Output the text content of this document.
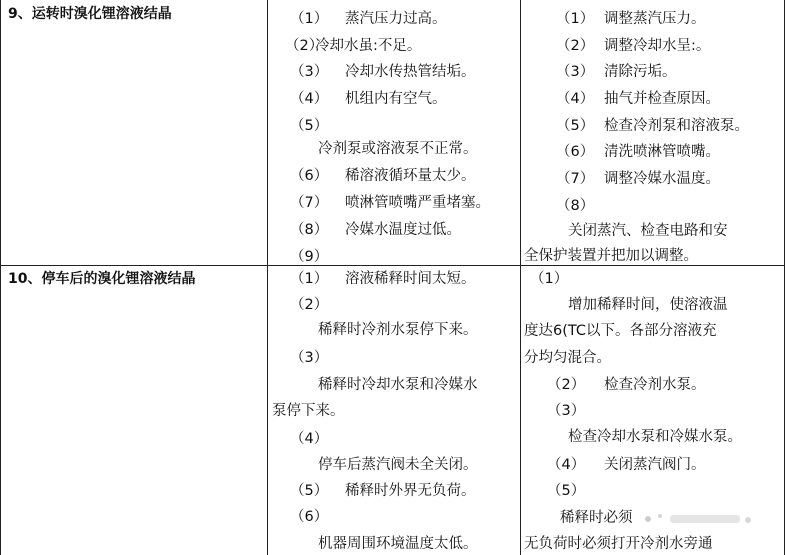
9、运转时溴化锂溶液结晶	（1） 蒸汽压力过高。
（2）
冷却水虽:不足。
（3） 冷却水传热管结垢。
（4） 机组内有空气。
（5）
冷剂泵或溶液泵不正常。
（6） 稀溶液循环量太少。
（7） 喷淋管喷嘴严重堵塞。
（8） 冷媒水温度过低。
（9）
（1） 调整蒸汽压力。
（2） 调整冷却水呈:。
（3） 清除污垢。
（4） 抽气并检查原因。
（5） 检查冷剂泵和溶液泵。
（6） 清洗喷淋管喷嘴。
（7） 调整冷媒水温度。
（8）
关闭蒸汽、检查电路和安
全保护装置并把加以调整。
10、停车后的溴化锂溶液结晶	（1） 溶液稀释时间太短。
（2）
稀释时冷剂水泵停下来。
（3）
稀释时冷却水泵和冷媒水
泵停下来。
（4）
停车后蒸汽阀未全关闭。
（5） 稀释时外界无负荷。
（6）
机器周围环境温度太低。
（1）
增加稀释时间，使溶液温
度达6(TC以下。各部分溶液充
分均匀混合。
（2） 检查冷剂水泵。
（3）
检查冷却水泵和冷媒水泵。
（4） 关闭蒸汽阀门。
（5）
稀释时必须
无负荷时必须打开冷剂水旁通
